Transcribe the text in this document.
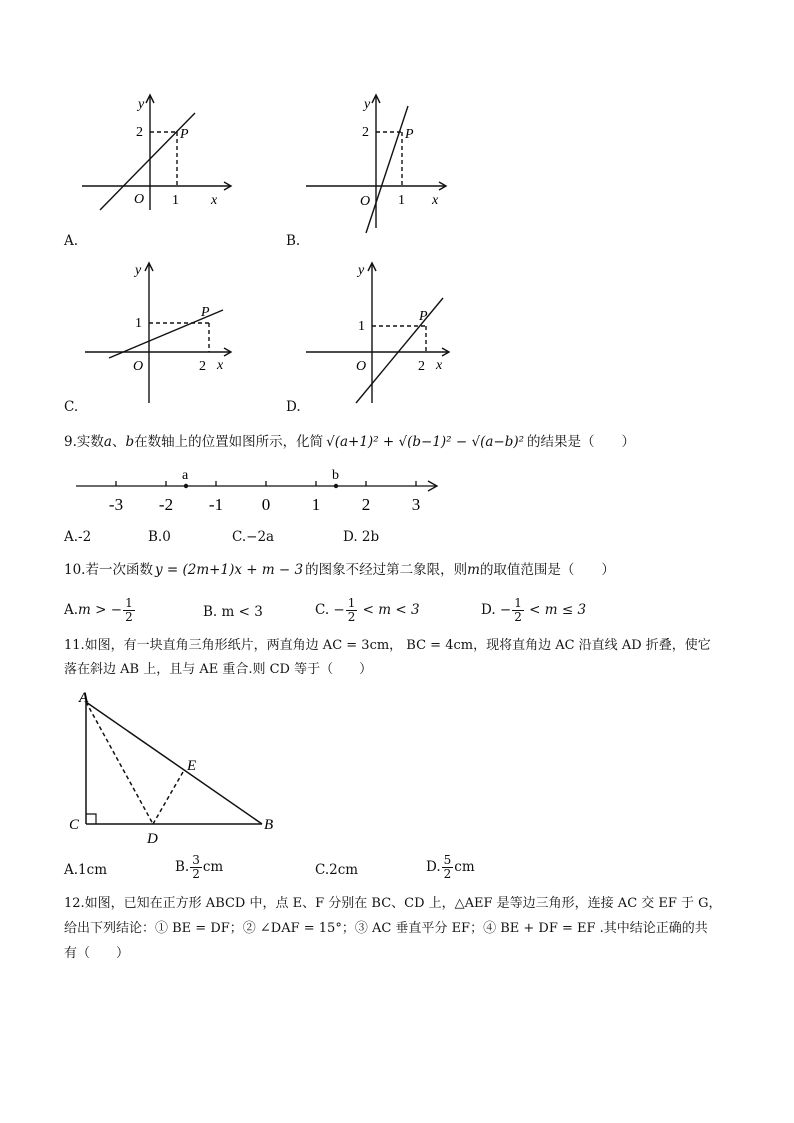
y
2	P
O 1 x
A.
y
2	P
O 1 x
B.
y
1
P
O	2 x
C.
y
1
P
O	2 x
D.
9.实数a、b在数轴上的位置如图所示，化简 √(a+1)² + √(b−1)² − √(a−b)² 的结果是（　　）
-3 -2 -1 0 1 2 3
a	b
A.-2	B.0	C.−2a	D. 2b
10.若一次函数 y = (2m+1)x + m − 3 的图象不经过第二象限，则m的取值范围是（　　）
A.m > − $\frac{1}{2}$	B. m < 3	C. − $\frac{1}{2} < m < 3$	D. − $\frac{1}{2} < m \le 3$
11.如图，有一块直角三角形纸片，两直角边 AC = 3cm， BC = 4cm，现将直角边 AC 沿直线 AD 折叠，使它
落在斜边 AB 上，且与 AE 重合.则 CD 等于（　　）
A
C	B
D
E
A.1cm	B. $\frac{3}{2}$ cm	C.2cm	D. $\frac{5}{2}$ cm
12.如图，已知在正方形 ABCD 中，点 E、F 分别在 BC、CD 上，△AEF 是等边三角形，连接 AC 交 EF 于 G，
给出下列结论：① BE = DF；② ∠DAF = 15°；③ AC 垂直平分 EF；④ BE + DF = EF .其中结论正确的共
有（　　）
